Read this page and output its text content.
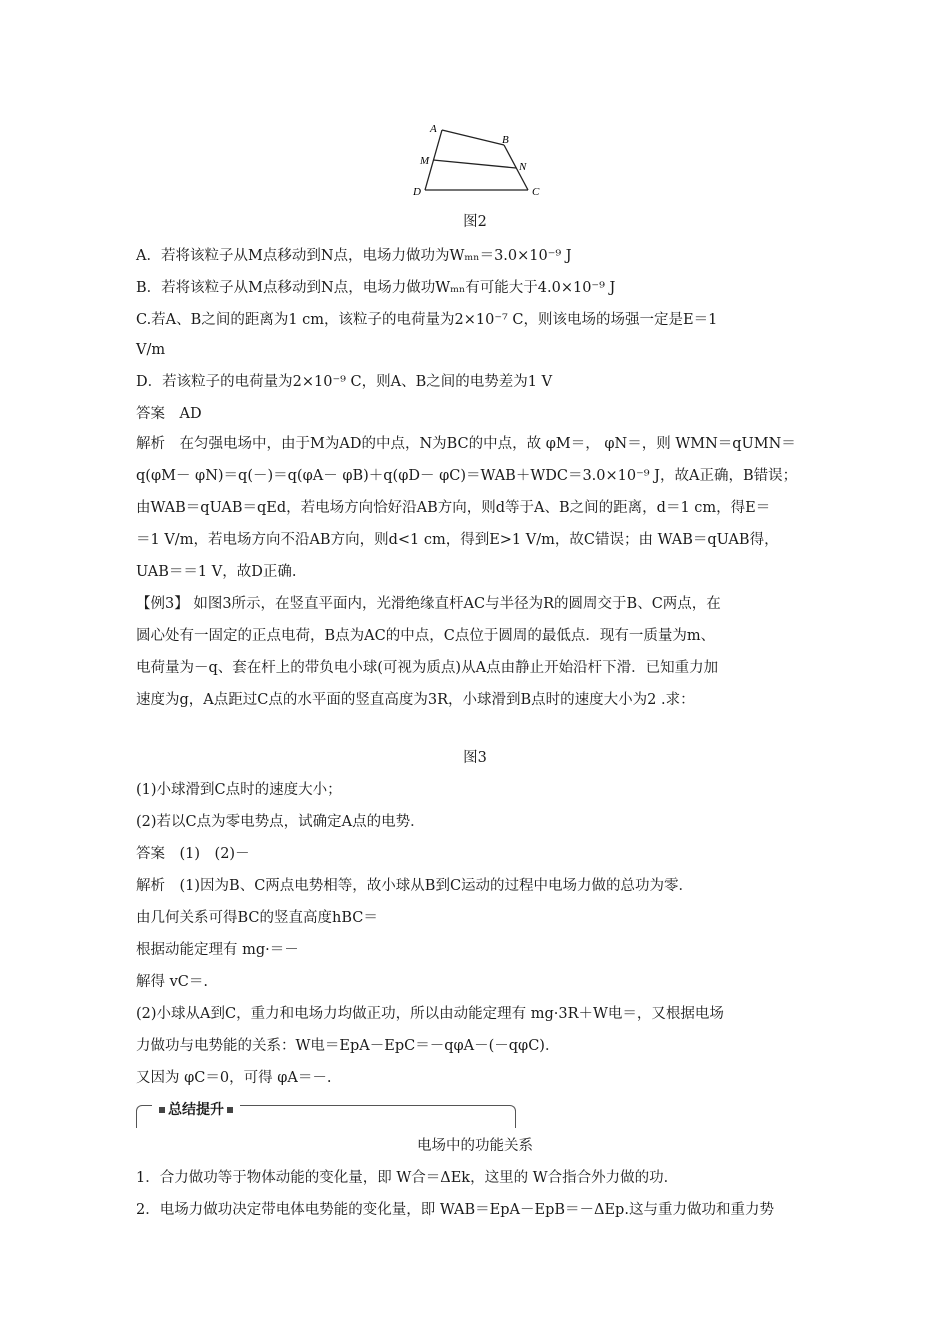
A
B
M	N
D	C
图2
A．若将该粒子从M点移动到N点，电场力做功为Wₘₙ＝3.0×10⁻⁹ J
B．若将该粒子从M点移动到N点，电场力做功Wₘₙ有可能大于4.0×10⁻⁹ J
C.若A、B之间的距离为1 cm，该粒子的电荷量为2×10⁻⁷ C，则该电场的场强一定是E＝1
V/m
D．若该粒子的电荷量为2×10⁻⁹ C，则A、B之间的电势差为1 V
答案　AD
解析　在匀强电场中，由于M为AD的中点，N为BC的中点，故 φM＝， φN＝，则 WMN＝qUMN＝
q(φM－ φN)＝q(－)＝q(φA－ φB)＋q(φD－ φC)＝WAB＋WDC＝3.0×10⁻⁹ J，故A正确，B错误；
由WAB＝qUAB＝qEd，若电场方向恰好沿AB方向，则d等于A、B之间的距离，d＝1 cm，得E＝
＝1 V/m，若电场方向不沿AB方向，则d<1 cm，得到E>1 V/m，故C错误；由 WAB＝qUAB得，
UAB＝＝1 V，故D正确.
【例3】 如图3所示，在竖直平面内，光滑绝缘直杆AC与半径为R的圆周交于B、C两点，在
圆心处有一固定的正点电荷，B点为AC的中点，C点位于圆周的最低点．现有一质量为m、
电荷量为－q、套在杆上的带负电小球(可视为质点)从A点由静止开始沿杆下滑．已知重力加
速度为g，A点距过C点的水平面的竖直高度为3R，小球滑到B点时的速度大小为2 .求：
图3
(1)小球滑到C点时的速度大小；
(2)若以C点为零电势点，试确定A点的电势．
答案　(1)　(2)－
解析　(1)因为B、C两点电势相等，故小球从B到C运动的过程中电场力做的总功为零．
由几何关系可得BC的竖直高度hBC＝
根据动能定理有 mg·＝－
解得 vC＝.
(2)小球从A到C，重力和电场力均做正功，所以由动能定理有 mg·3R＋W电＝，又根据电场
力做功与电势能的关系：W电＝EpA－EpC＝－qφA－(－qφC)．
又因为 φC＝0，可得 φA＝－.
总结提升
电场中的功能关系
1．合力做功等于物体动能的变化量，即 W合＝ΔEk，这里的 W合指合外力做的功．
2．电场力做功决定带电体电势能的变化量，即 WAB＝EpA－EpB＝－ΔEp.这与重力做功和重力势
